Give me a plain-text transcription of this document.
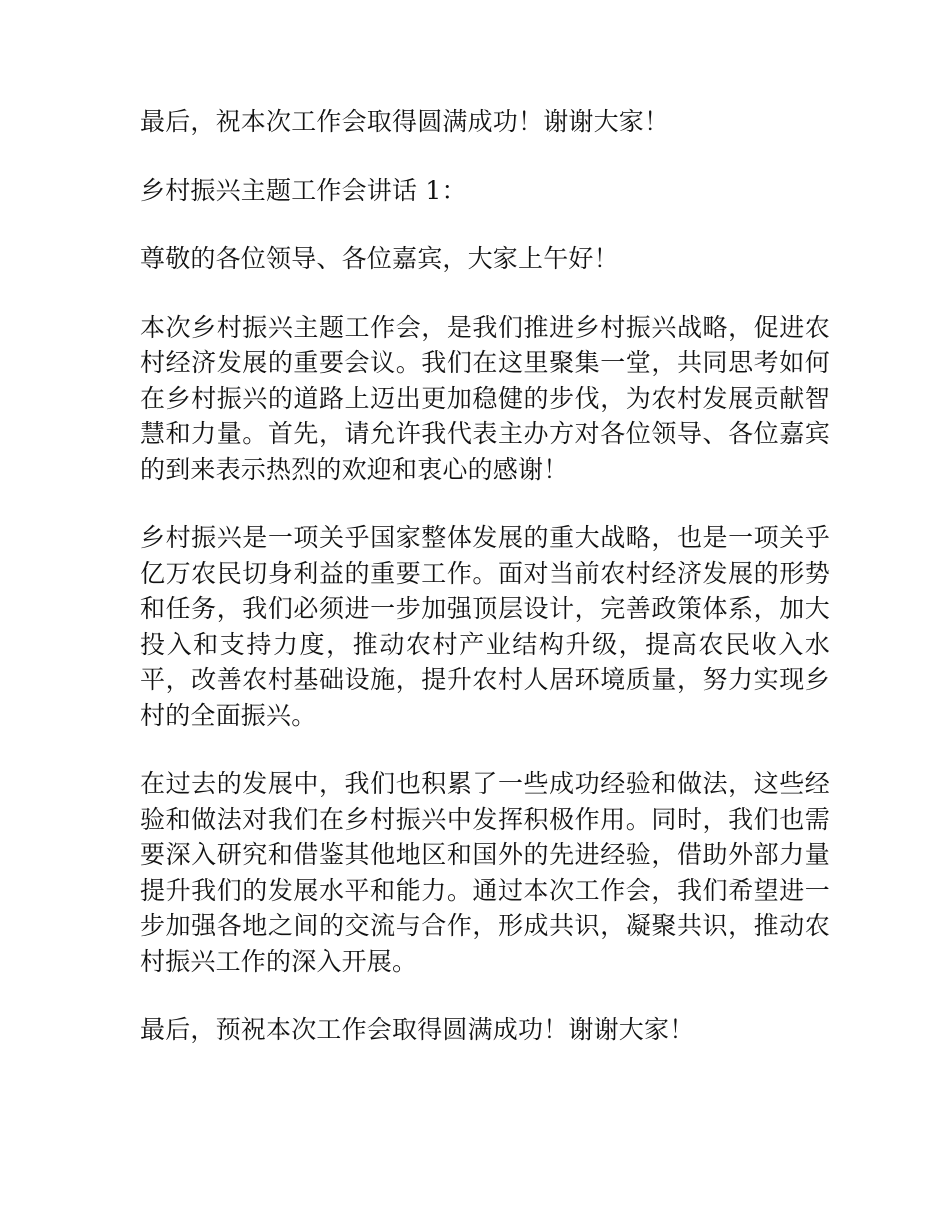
最后，祝本次工作会取得圆满成功！谢谢大家！

乡村振兴主题工作会讲话 1：

尊敬的各位领导、各位嘉宾，大家上午好！

本次乡村振兴主题工作会，是我们推进乡村振兴战略，促进农村经济发展的重要会议。我们在这里聚集一堂，共同思考如何在乡村振兴的道路上迈出更加稳健的步伐，为农村发展贡献智慧和力量。首先，请允许我代表主办方对各位领导、各位嘉宾的到来表示热烈的欢迎和衷心的感谢！

乡村振兴是一项关乎国家整体发展的重大战略，也是一项关乎亿万农民切身利益的重要工作。面对当前农村经济发展的形势和任务，我们必须进一步加强顶层设计，完善政策体系，加大投入和支持力度，推动农村产业结构升级，提高农民收入水平，改善农村基础设施，提升农村人居环境质量，努力实现乡村的全面振兴。

在过去的发展中，我们也积累了一些成功经验和做法，这些经验和做法对我们在乡村振兴中发挥积极作用。同时，我们也需要深入研究和借鉴其他地区和国外的先进经验，借助外部力量提升我们的发展水平和能力。通过本次工作会，我们希望进一步加强各地之间的交流与合作，形成共识，凝聚共识，推动农村振兴工作的深入开展。

最后，预祝本次工作会取得圆满成功！谢谢大家！
